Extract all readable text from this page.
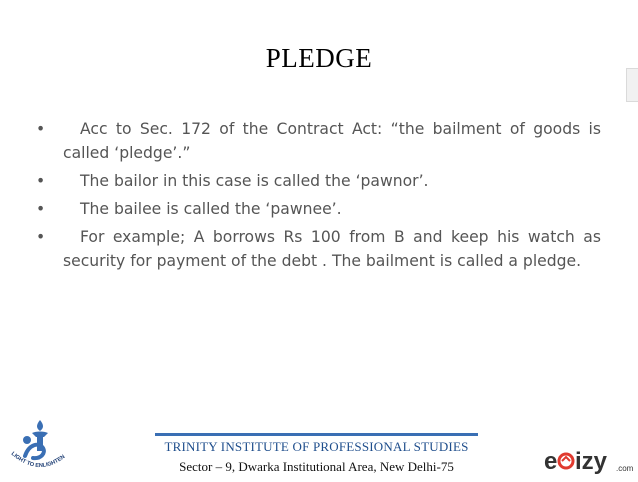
PLEDGE
• Acc to Sec. 172 of the Contract Act: “the bailment of goods is called ‘pledge’.”
• The bailor in this case is called the ‘pawnor’.
• The bailee is called the ‘pawnee’.
• For example; A borrows Rs 100 from B and keep his watch as security for payment of the debt . The bailment is called a pledge.
LIGHT TO ENLIGHTEN
TRINITY INSTITUTE OF PROFESSIONAL STUDIES
Sector – 9, Dwarka Institutional Area, New Delhi-75	e izy .com
